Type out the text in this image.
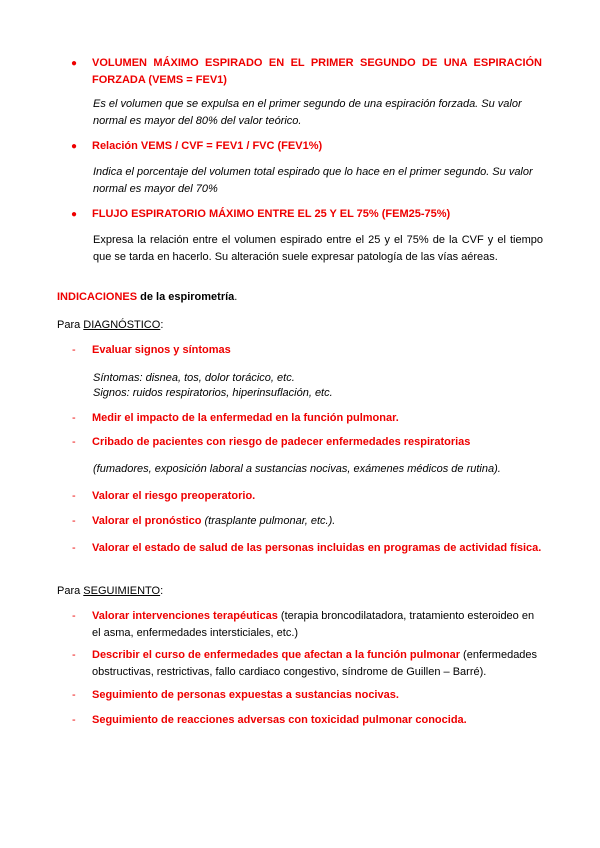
● VOLUMEN MÁXIMO ESPIRADO EN EL PRIMER SEGUNDO DE UNA ESPIRACIÓN FORZADA (VEMS = FEV1)
Es el volumen que se expulsa en el primer segundo de una espiración forzada. Su valor normal es mayor del 80% del valor teórico.
● Relación VEMS / CVF = FEV1 / FVC (FEV1%)
Indica el porcentaje del volumen total espirado que lo hace en el primer segundo. Su valor normal es mayor del 70%
● FLUJO ESPIRATORIO MÁXIMO ENTRE EL 25 Y EL 75% (FEM25-75%)
Expresa la relación entre el volumen espirado entre el 25 y el 75% de la CVF y el tiempo que se tarda en hacerlo. Su alteración suele expresar patología de las vías aéreas.
INDICACIONES de la espirometría.
Para DIAGNÓSTICO:
- Evaluar signos y síntomas
Síntomas: disnea, tos, dolor torácico, etc.
Signos: ruidos respiratorios, hiperinsuflación, etc.
- Medir el impacto de la enfermedad en la función pulmonar.
- Cribado de pacientes con riesgo de padecer enfermedades respiratorias
(fumadores, exposición laboral a sustancias nocivas, exámenes médicos de rutina).
- Valorar el riesgo preoperatorio.
- Valorar el pronóstico (trasplante pulmonar, etc.).
- Valorar el estado de salud de las personas incluidas en programas de actividad física.
Para SEGUIMIENTO:
- Valorar intervenciones terapéuticas (terapia broncodilatadora, tratamiento esteroideo en el asma, enfermedades intersticiales, etc.)
- Describir el curso de enfermedades que afectan a la función pulmonar (enfermedades obstructivas, restrictivas, fallo cardiaco congestivo, síndrome de Guillen – Barré).
- Seguimiento de personas expuestas a sustancias nocivas.
- Seguimiento de reacciones adversas con toxicidad pulmonar conocida.
